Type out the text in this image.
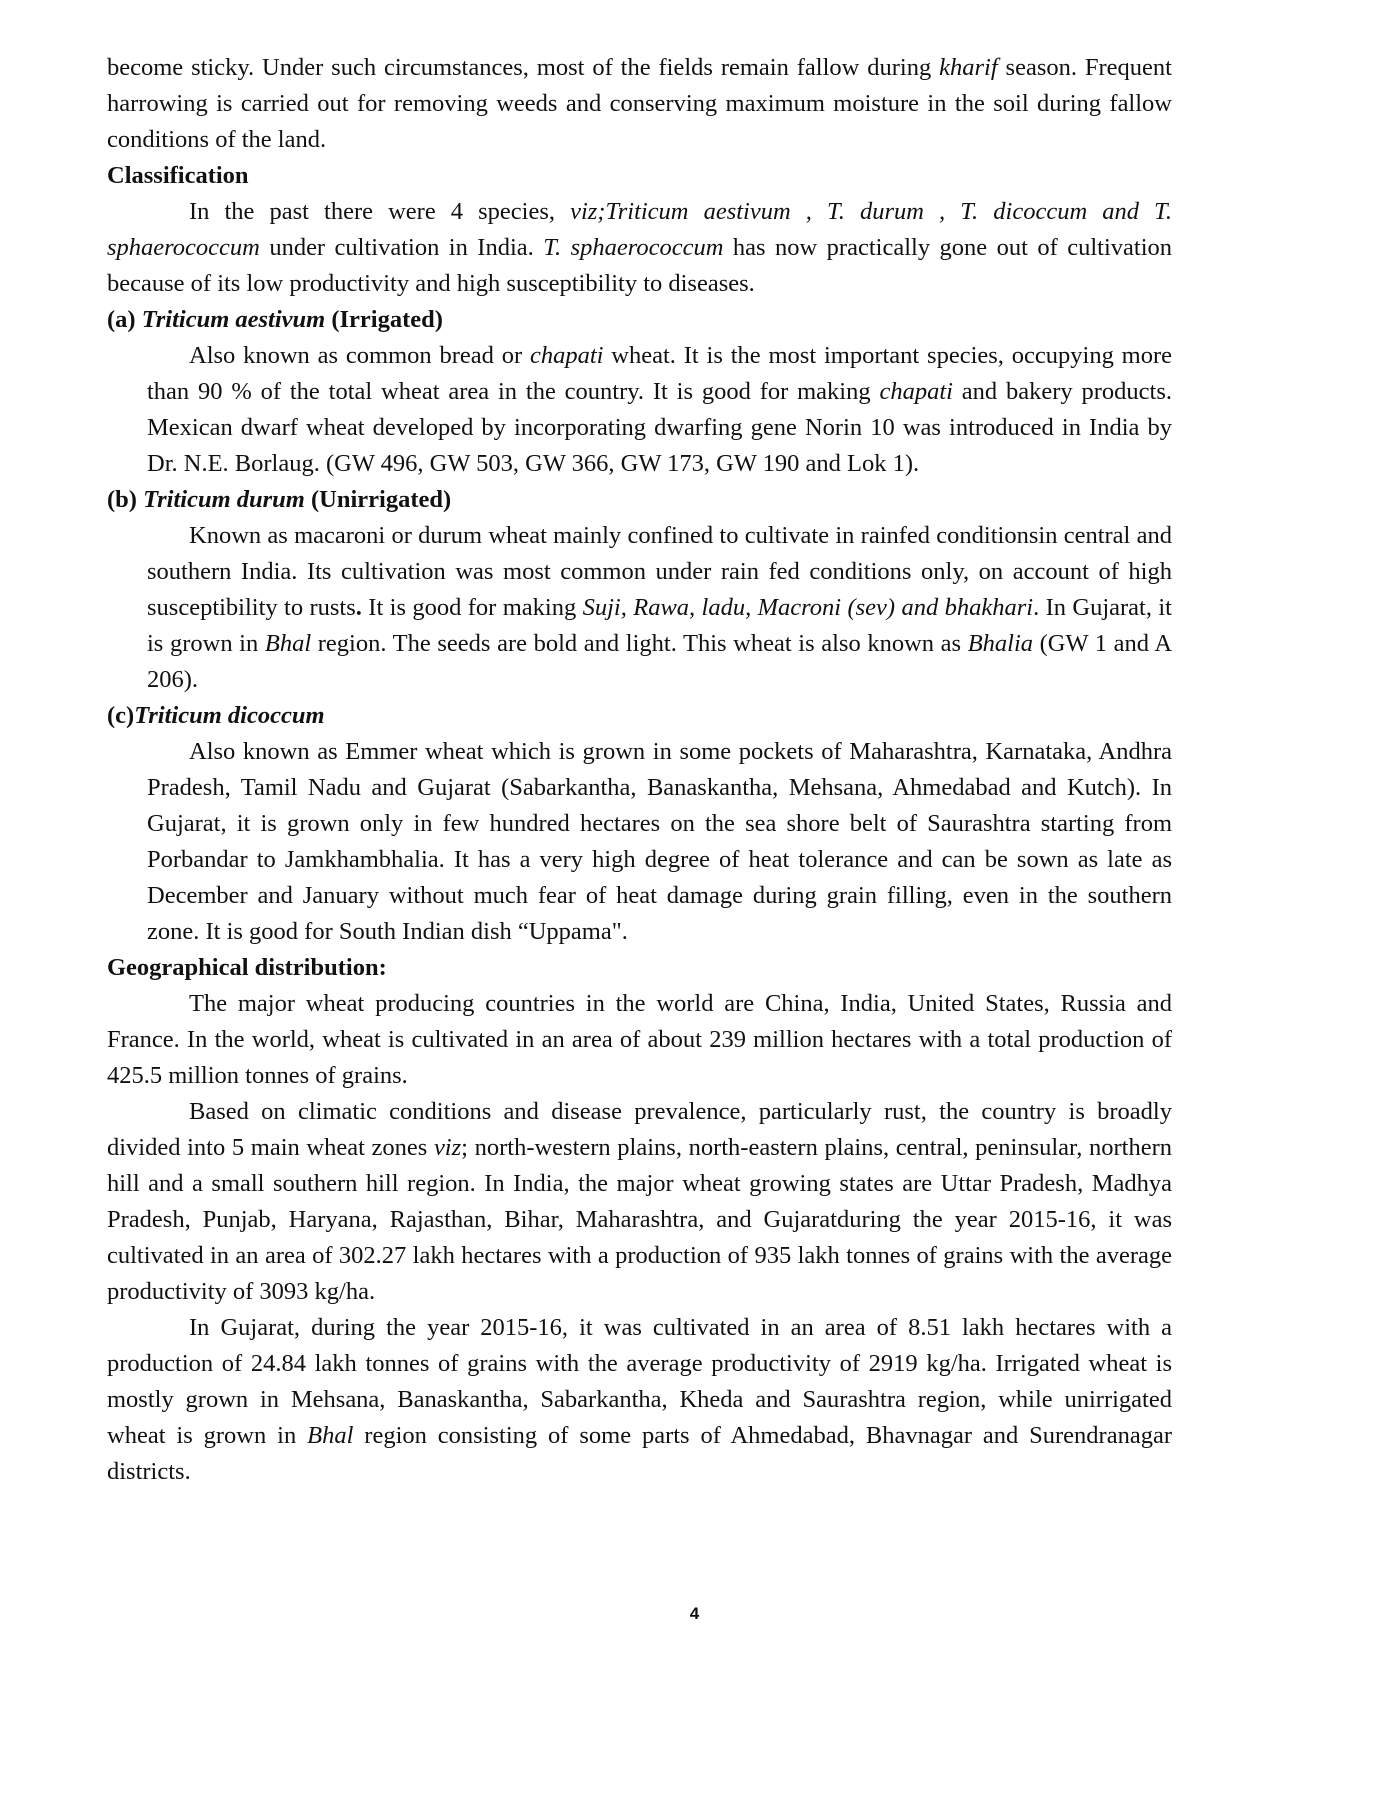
become sticky. Under such circumstances, most of the fields remain fallow during kharif season. Frequent harrowing is carried out for removing weeds and conserving maximum moisture in the soil during fallow conditions of the land.

Classification

In the past there were 4 species, viz;Triticum aestivum , T. durum , T. dicoccum and T. sphaerococcum under cultivation in India. T. sphaerococcum has now practically gone out of cultivation because of its low productivity and high susceptibility to diseases.

(a) Triticum aestivum (Irrigated)

Also known as common bread or chapati wheat. It is the most important species, occupying more than 90 % of the total wheat area in the country. It is good for making chapati and bakery products. Mexican dwarf wheat developed by incorporating dwarfing gene Norin 10 was introduced in India by Dr. N.E. Borlaug. (GW 496, GW 503, GW 366, GW 173, GW 190 and Lok 1).

(b) Triticum durum (Unirrigated)

Known as macaroni or durum wheat mainly confined to cultivate in rainfed conditionsin central and southern India. Its cultivation was most common under rain fed conditions only, on account of high susceptibility to rusts. It is good for making Suji, Rawa, ladu, Macroni (sev) and bhakhari. In Gujarat, it is grown in Bhal region. The seeds are bold and light. This wheat is also known as Bhalia (GW 1 and A 206).

(c)Triticum dicoccum

Also known as Emmer wheat which is grown in some pockets of Maharashtra, Karnataka, Andhra Pradesh, Tamil Nadu and Gujarat (Sabarkantha, Banaskantha, Mehsana, Ahmedabad and Kutch). In Gujarat, it is grown only in few hundred hectares on the sea shore belt of Saurashtra starting from Porbandar to Jamkhambhalia. It has a very high degree of heat tolerance and can be sown as late as December and January without much fear of heat damage during grain filling, even in the southern zone. It is good for South Indian dish “Uppama".

Geographical distribution:

The major wheat producing countries in the world are China, India, United States, Russia and France. In the world, wheat is cultivated in an area of about 239 million hectares with a total production of 425.5 million tonnes of grains.

Based on climatic conditions and disease prevalence, particularly rust, the country is broadly divided into 5 main wheat zones viz; north-western plains, north-eastern plains, central, peninsular, northern hill and a small southern hill region. In India, the major wheat growing states are Uttar Pradesh, Madhya Pradesh, Punjab, Haryana, Rajasthan, Bihar, Maharashtra, and Gujaratduring the year 2015-16, it was cultivated in an area of 302.27 lakh hectares with a production of 935 lakh tonnes of grains with the average productivity of 3093 kg/ha.

In Gujarat, during the year 2015-16, it was cultivated in an area of 8.51 lakh hectares with a production of 24.84 lakh tonnes of grains with the average productivity of 2919 kg/ha. Irrigated wheat is mostly grown in Mehsana, Banaskantha, Sabarkantha, Kheda and Saurashtra region, while unirrigated wheat is grown in Bhal region consisting of some parts of Ahmedabad, Bhavnagar and Surendranagar districts.

4
